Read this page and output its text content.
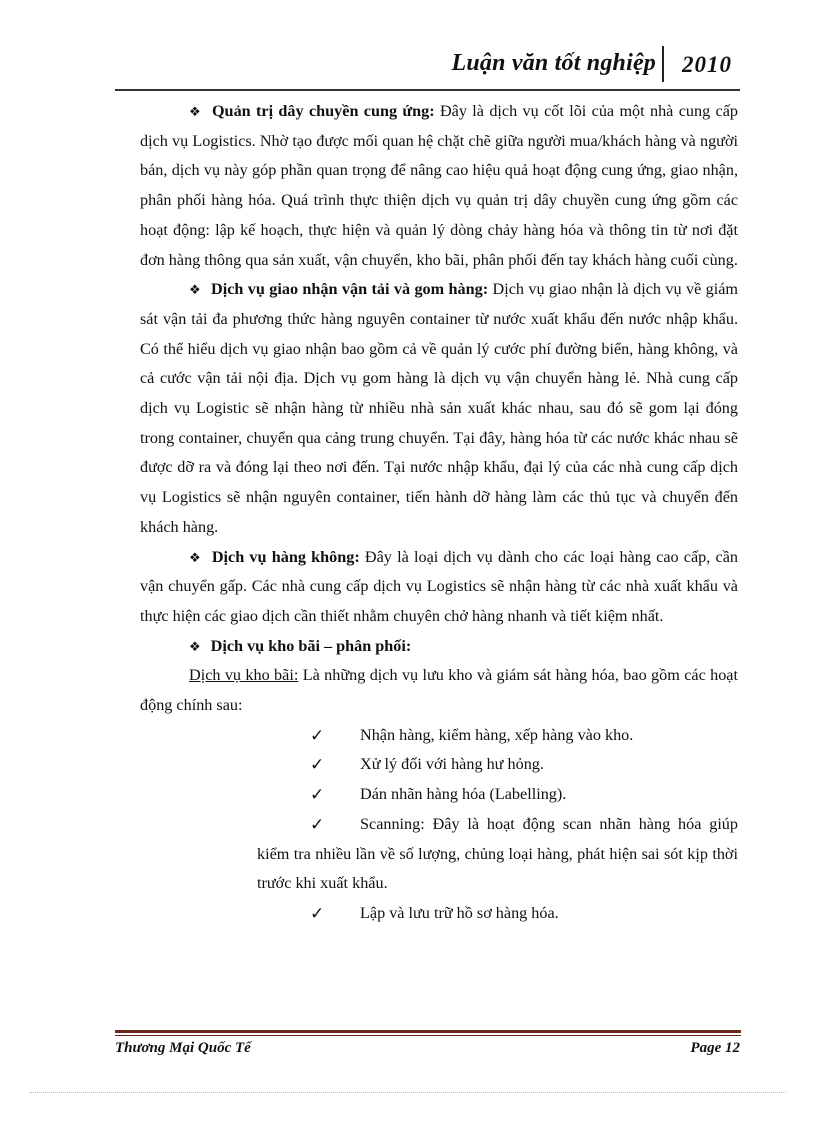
Luận văn tốt nghiệp 2010

❖ Quản trị dây chuyền cung ứng: Đây là dịch vụ cốt lõi của một nhà cung cấp dịch vụ Logistics. Nhờ tạo được mối quan hệ chặt chẽ giữa người mua/khách hàng và người bán, dịch vụ này góp phần quan trọng để nâng cao hiệu quả hoạt động cung ứng, giao nhận, phân phối hàng hóa. Quá trình thực thiện dịch vụ quản trị dây chuyền cung ứng gồm các hoạt động: lập kế hoạch, thực hiện và quản lý dòng chảy hàng hóa và thông tin từ nơi đặt đơn hàng thông qua sản xuất, vận chuyển, kho bãi, phân phối đến tay khách hàng cuối cùng.

❖ Dịch vụ giao nhận vận tải và gom hàng: Dịch vụ giao nhận là dịch vụ về giám sát vận tải đa phương thức hàng nguyên container từ nước xuất khẩu đến nước nhập khẩu. Có thể hiểu dịch vụ giao nhận bao gồm cả về quản lý cước phí đường biển, hàng không, và cả cước vận tải nội địa. Dịch vụ gom hàng là dịch vụ vận chuyển hàng lẻ. Nhà cung cấp dịch vụ Logistic sẽ nhận hàng từ nhiều nhà sản xuất khác nhau, sau đó sẽ gom lại đóng trong container, chuyển qua cảng trung chuyển. Tại đây, hàng hóa từ các nước khác nhau sẽ được dỡ ra và đóng lại theo nơi đến. Tại nước nhập khẩu, đại lý của các nhà cung cấp dịch vụ Logistics sẽ nhận nguyên container, tiến hành dỡ hàng làm các thủ tục và chuyển đến khách hàng.

❖ Dịch vụ hàng không: Đây là loại dịch vụ dành cho các loại hàng cao cấp, cần vận chuyển gấp. Các nhà cung cấp dịch vụ Logistics sẽ nhận hàng từ các nhà xuất khẩu và thực hiện các giao dịch cần thiết nhằm chuyên chở hàng nhanh và tiết kiệm nhất.

❖ Dịch vụ kho bãi – phân phối:

Dịch vụ kho bãi: Là những dịch vụ lưu kho và giám sát hàng hóa, bao gồm các hoạt động chính sau:

✓	Nhận hàng, kiểm hàng, xếp hàng vào kho.
✓	Xử lý đối với hàng hư hỏng.
✓	Dán nhãn hàng hóa (Labelling).
✓	Scanning: Đây là hoạt động scan nhãn hàng hóa giúp kiểm tra nhiều lần về số lượng, chủng loại hàng, phát hiện sai sót kịp thời trước khi xuất khẩu.
✓	Lập và lưu trữ hồ sơ hàng hóa.
Thương Mại Quốc Tế	Page 12
